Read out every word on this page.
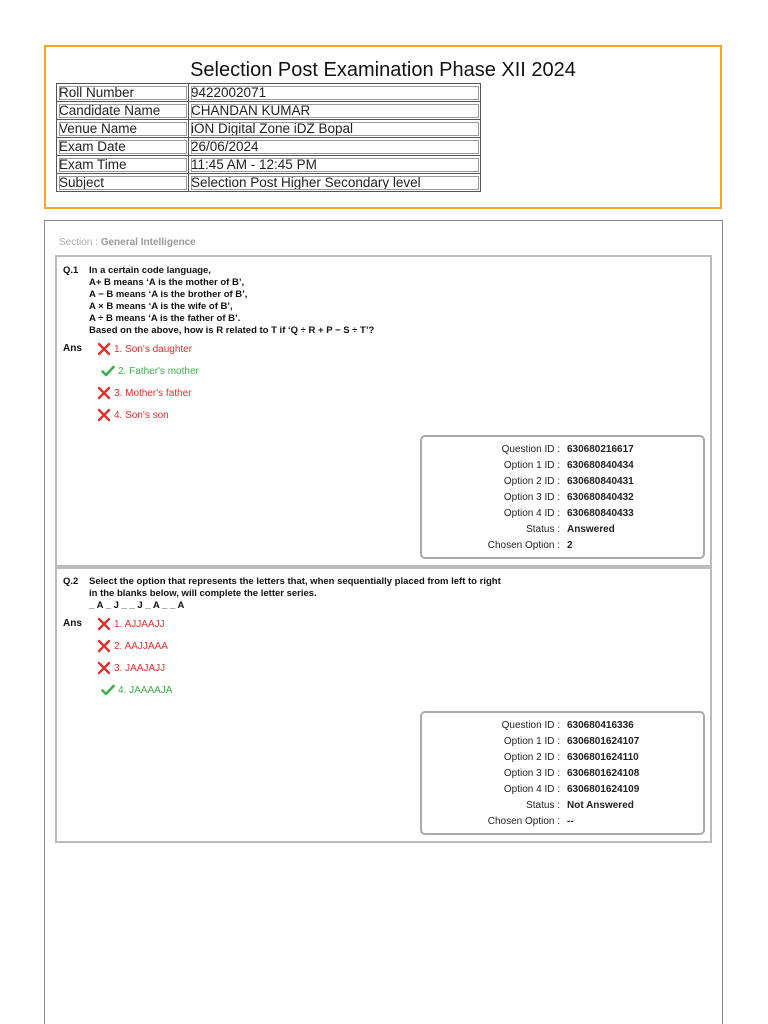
Selection Post Examination Phase XII 2024
Roll Number	9422002071
Candidate Name	CHANDAN KUMAR
Venue Name	iON Digital Zone iDZ Bopal
Exam Date	26/06/2024
Exam Time	11:45 AM - 12:45 PM
Subject	Selection Post Higher Secondary level
Section : General Intelligence
Q.1 In a certain code language,
A+ B means ‘A is the mother of B’,
A − B means ‘A is the brother of B’,
A × B means ‘A is the wife of B’,
A ÷ B means ‘A is the father of B’.
Based on the above, how is R related to T if ‘Q ÷ R + P − S ÷ T’?
Ans	1. Son's daughter
2. Father's mother
3. Mother's father
4. Son's son
Question ID : 630680216617
Option 1 ID : 630680840434
Option 2 ID : 630680840431
Option 3 ID : 630680840432
Option 4 ID : 630680840433
Status : Answered
Chosen Option : 2
Q.2 Select the option that represents the letters that, when sequentially placed from left to right
in the blanks below, will complete the letter series.
_ A _ J _ _ J _ A _ _ A
Ans	1. AJJAAJJ
2. AAJJAAA
3. JAAJAJJ
4. JAAAAJA
Question ID : 630680416336
Option 1 ID : 6306801624107
Option 2 ID : 6306801624110
Option 3 ID : 6306801624108
Option 4 ID : 6306801624109
Status : Not Answered
Chosen Option : --
